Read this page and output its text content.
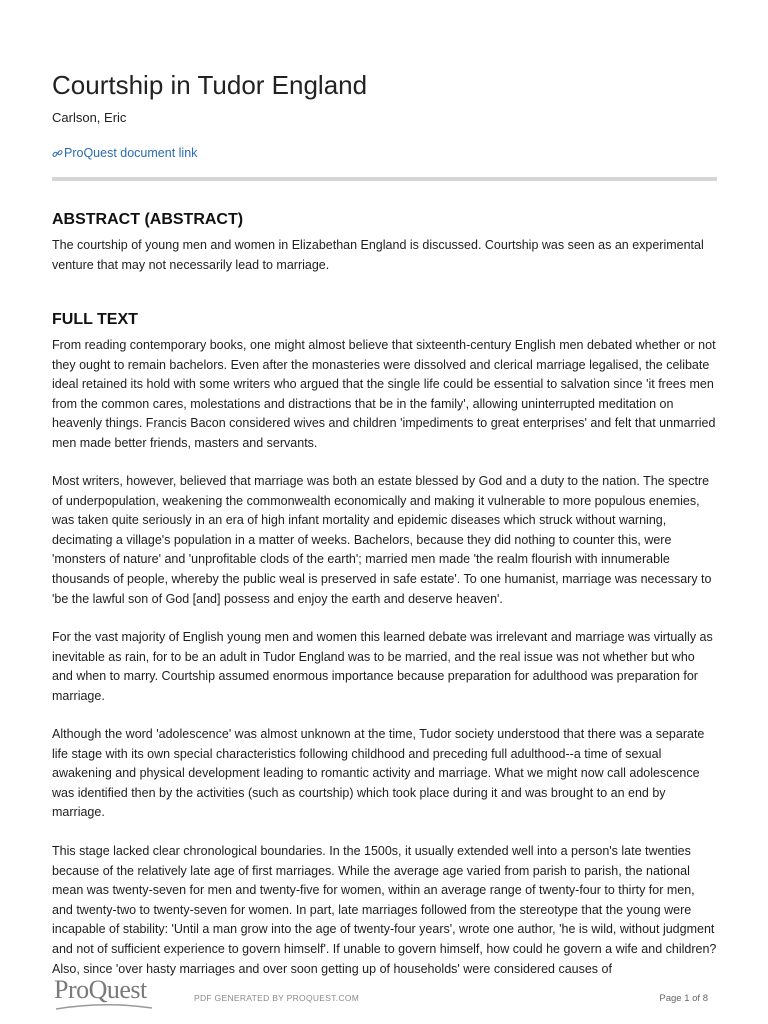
Courtship in Tudor England
Carlson, Eric
ProQuest document link
ABSTRACT (ABSTRACT)

The courtship of young men and women in Elizabethan England is discussed. Courtship was seen as an experimental venture that may not necessarily lead to marriage.

FULL TEXT

From reading contemporary books, one might almost believe that sixteenth-century English men debated whether or not they ought to remain bachelors. Even after the monasteries were dissolved and clerical marriage legalised, the celibate ideal retained its hold with some writers who argued that the single life could be essential to salvation since 'it frees men from the common cares, molestations and distractions that be in the family', allowing uninterrupted meditation on heavenly things. Francis Bacon considered wives and children 'impediments to great enterprises' and felt that unmarried men made better friends, masters and servants.

Most writers, however, believed that marriage was both an estate blessed by God and a duty to the nation. The spectre of underpopulation, weakening the commonwealth economically and making it vulnerable to more populous enemies, was taken quite seriously in an era of high infant mortality and epidemic diseases which struck without warning, decimating a village's population in a matter of weeks. Bachelors, because they did nothing to counter this, were 'monsters of nature' and 'unprofitable clods of the earth'; married men made 'the realm flourish with innumerable thousands of people, whereby the public weal is preserved in safe estate'. To one humanist, marriage was necessary to 'be the lawful son of God [and] possess and enjoy the earth and deserve heaven'.

For the vast majority of English young men and women this learned debate was irrelevant and marriage was virtually as inevitable as rain, for to be an adult in Tudor England was to be married, and the real issue was not whether but who and when to marry. Courtship assumed enormous importance because preparation for adulthood was preparation for marriage.

Although the word 'adolescence' was almost unknown at the time, Tudor society understood that there was a separate life stage with its own special characteristics following childhood and preceding full adulthood--a time of sexual awakening and physical development leading to romantic activity and marriage. What we might now call adolescence was identified then by the activities (such as courtship) which took place during it and was brought to an end by marriage.

This stage lacked clear chronological boundaries. In the 1500s, it usually extended well into a person's late twenties because of the relatively late age of first marriages. While the average age varied from parish to parish, the national mean was twenty-seven for men and twenty-five for women, within an average range of twenty-four to thirty for men, and twenty-two to twenty-seven for women. In part, late marriages followed from the stereotype that the young were incapable of stability: 'Until a man grow into the age of twenty-four years', wrote one author, 'he is wild, without judgment and not of sufficient experience to govern himself'. If unable to govern himself, how could he govern a wife and children? Also, since 'over hasty marriages and over soon getting up of households' were considered causes of

ProQuest	PDF GENERATED BY PROQUEST.COM	Page 1 of 8
